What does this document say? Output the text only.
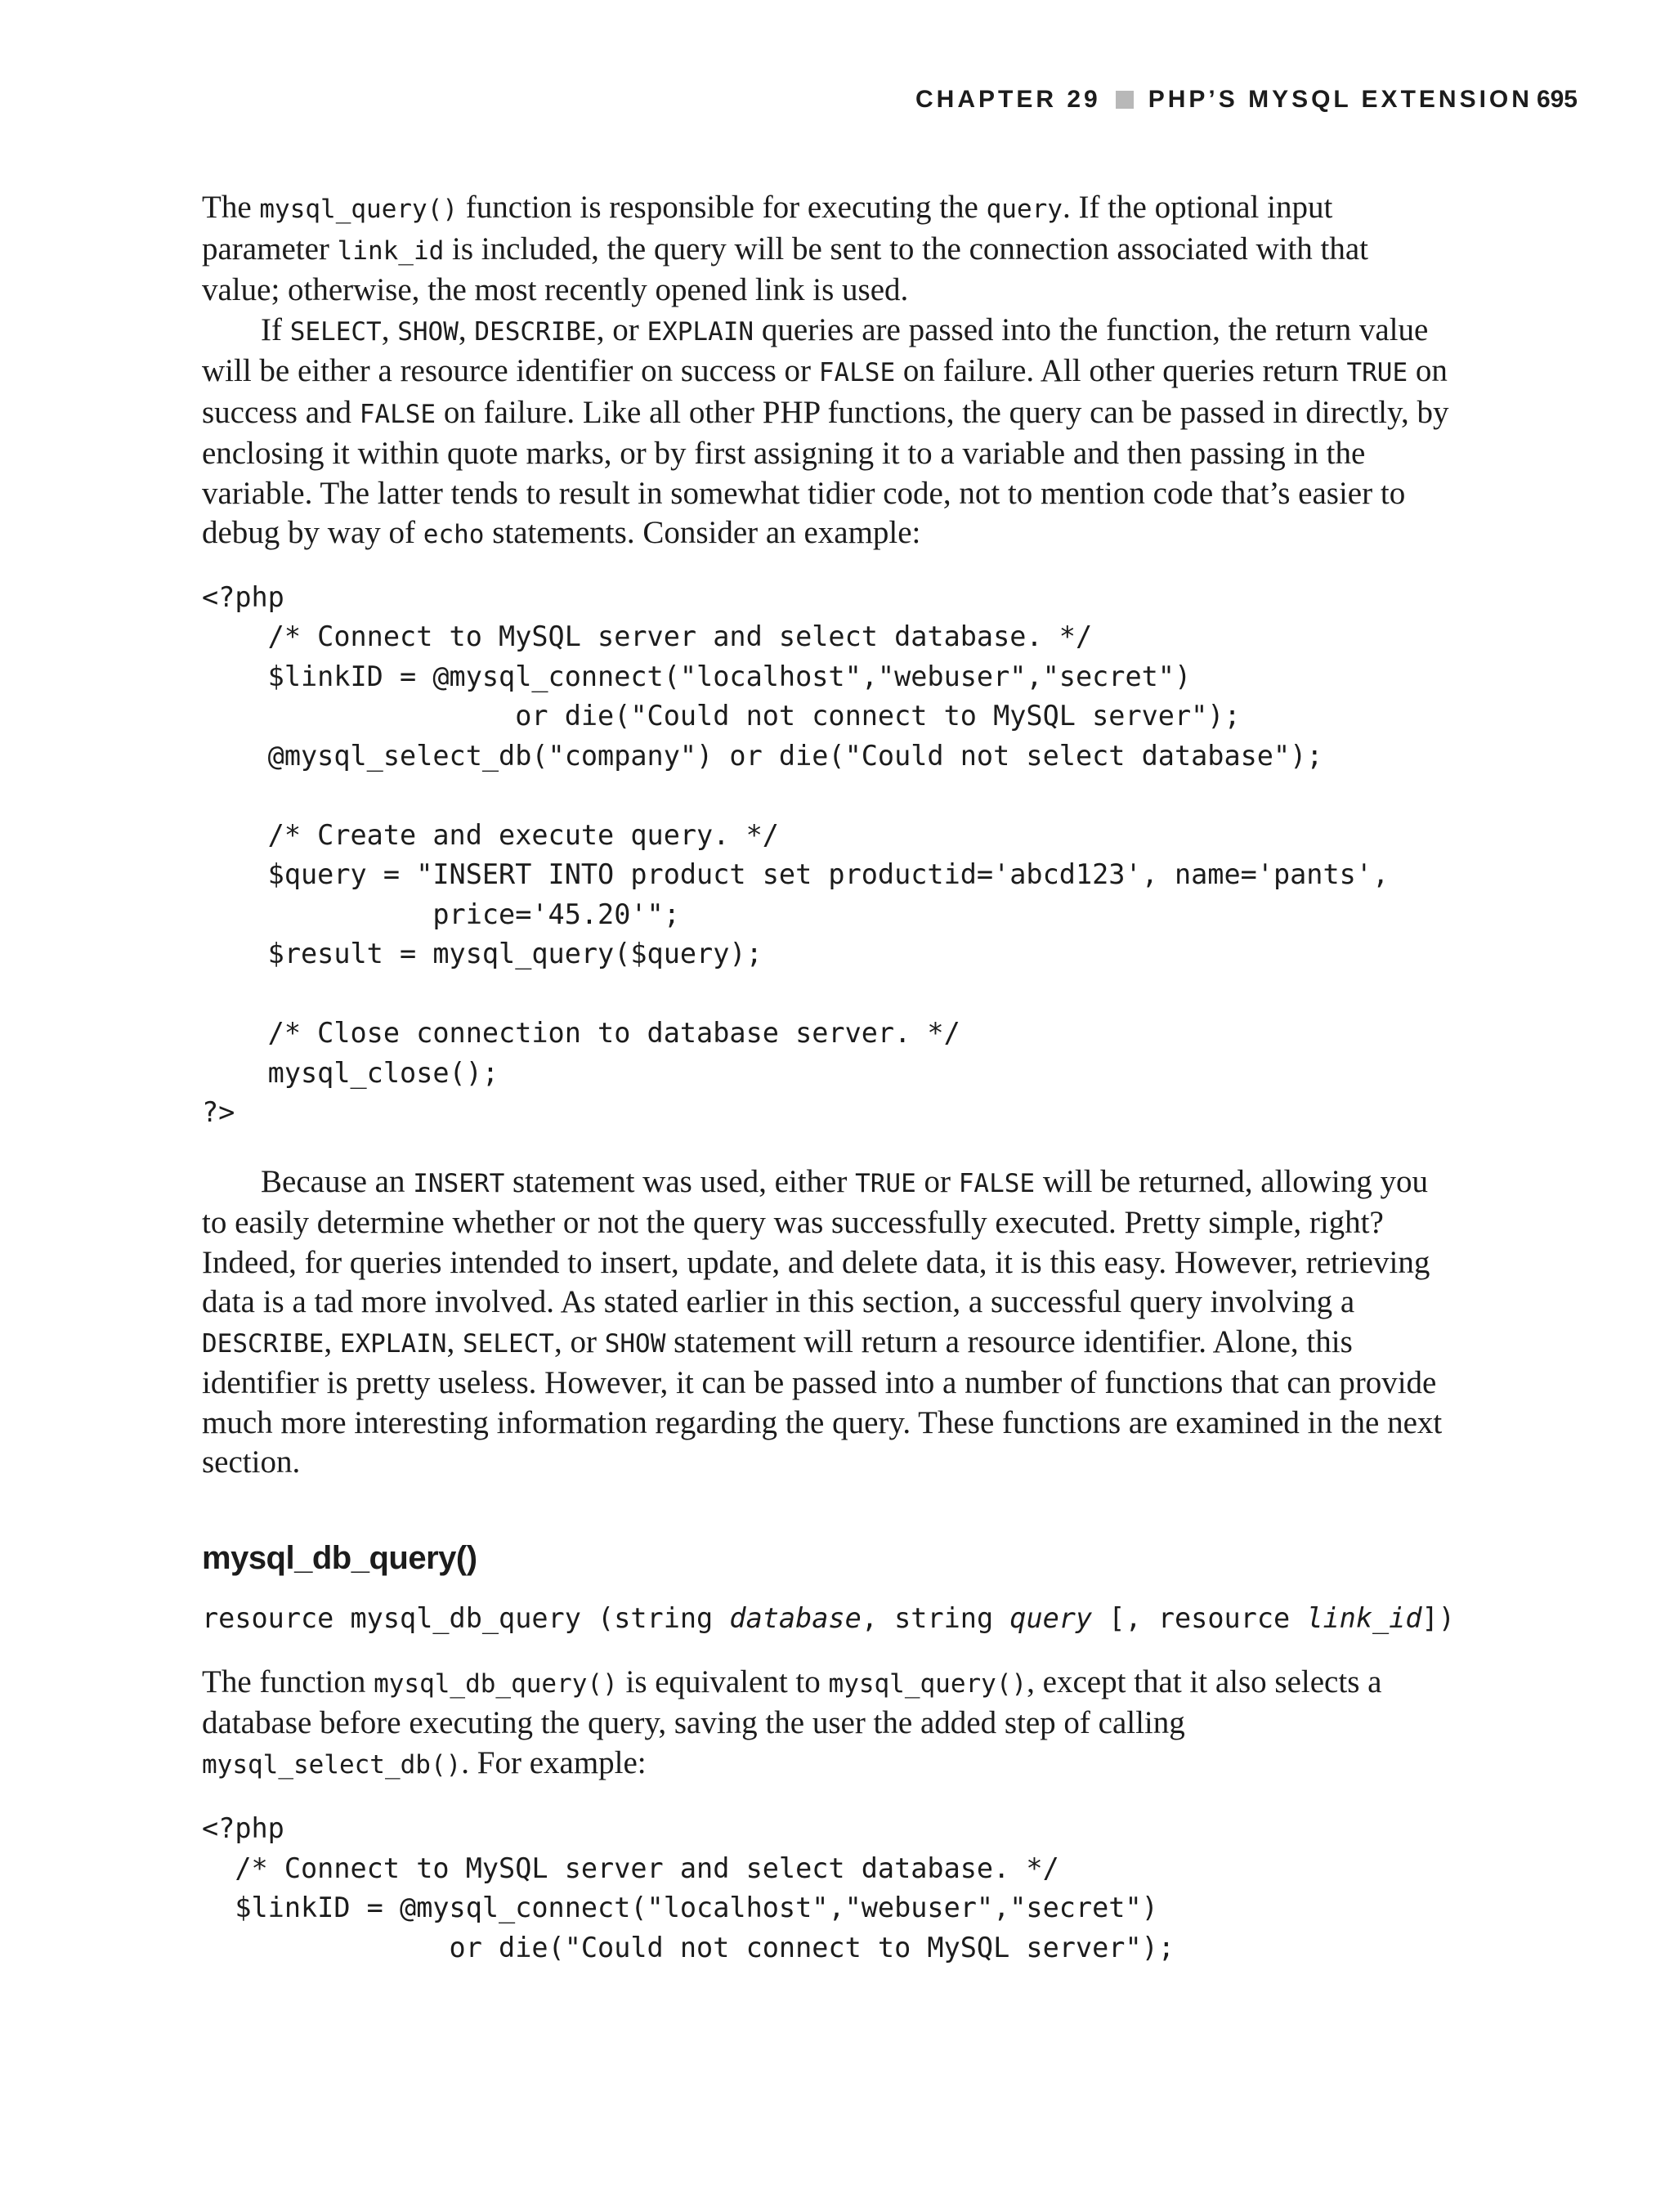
CHAPTER 29 PHP’S MYSQL EXTENSION 695

The mysql_query() function is responsible for executing the query. If the optional input parameter link_id is included, the query will be sent to the connection associated with that value; otherwise, the most recently opened link is used.

If SELECT, SHOW, DESCRIBE, or EXPLAIN queries are passed into the function, the return value will be either a resource identifier on success or FALSE on failure. All other queries return TRUE on success and FALSE on failure. Like all other PHP functions, the query can be passed in directly, by enclosing it within quote marks, or by first assigning it to a variable and then passing in the variable. The latter tends to result in somewhat tidier code, not to mention code that’s easier to debug by way of echo statements. Consider an example:

<?php
/* Connect to MySQL server and select database. */
$linkID = @mysql_connect("localhost","webuser","secret")
or die("Could not connect to MySQL server");
@mysql_select_db("company") or die("Could not select database");

/* Create and execute query. */
$query = "INSERT INTO product set productid='abcd123', name='pants',
price='45.20'";
$result = mysql_query($query);

/* Close connection to database server. */
mysql_close();
?>

Because an INSERT statement was used, either TRUE or FALSE will be returned, allowing you to easily determine whether or not the query was successfully executed. Pretty simple, right? Indeed, for queries intended to insert, update, and delete data, it is this easy. However, retrieving data is a tad more involved. As stated earlier in this section, a successful query involving a DESCRIBE, EXPLAIN, SELECT, or SHOW statement will return a resource identifier. Alone, this identifier is pretty useless. However, it can be passed into a number of functions that can provide much more interesting information regarding the query. These functions are examined in the next section.

mysql_db_query()
resource mysql_db_query (string database, string query [, resource link_id])

The function mysql_db_query() is equivalent to mysql_query(), except that it also selects a database before executing the query, saving the user the added step of calling mysql_select_db(). For example:

<?php
/* Connect to MySQL server and select database. */
$linkID = @mysql_connect("localhost","webuser","secret")
or die("Could not connect to MySQL server");
